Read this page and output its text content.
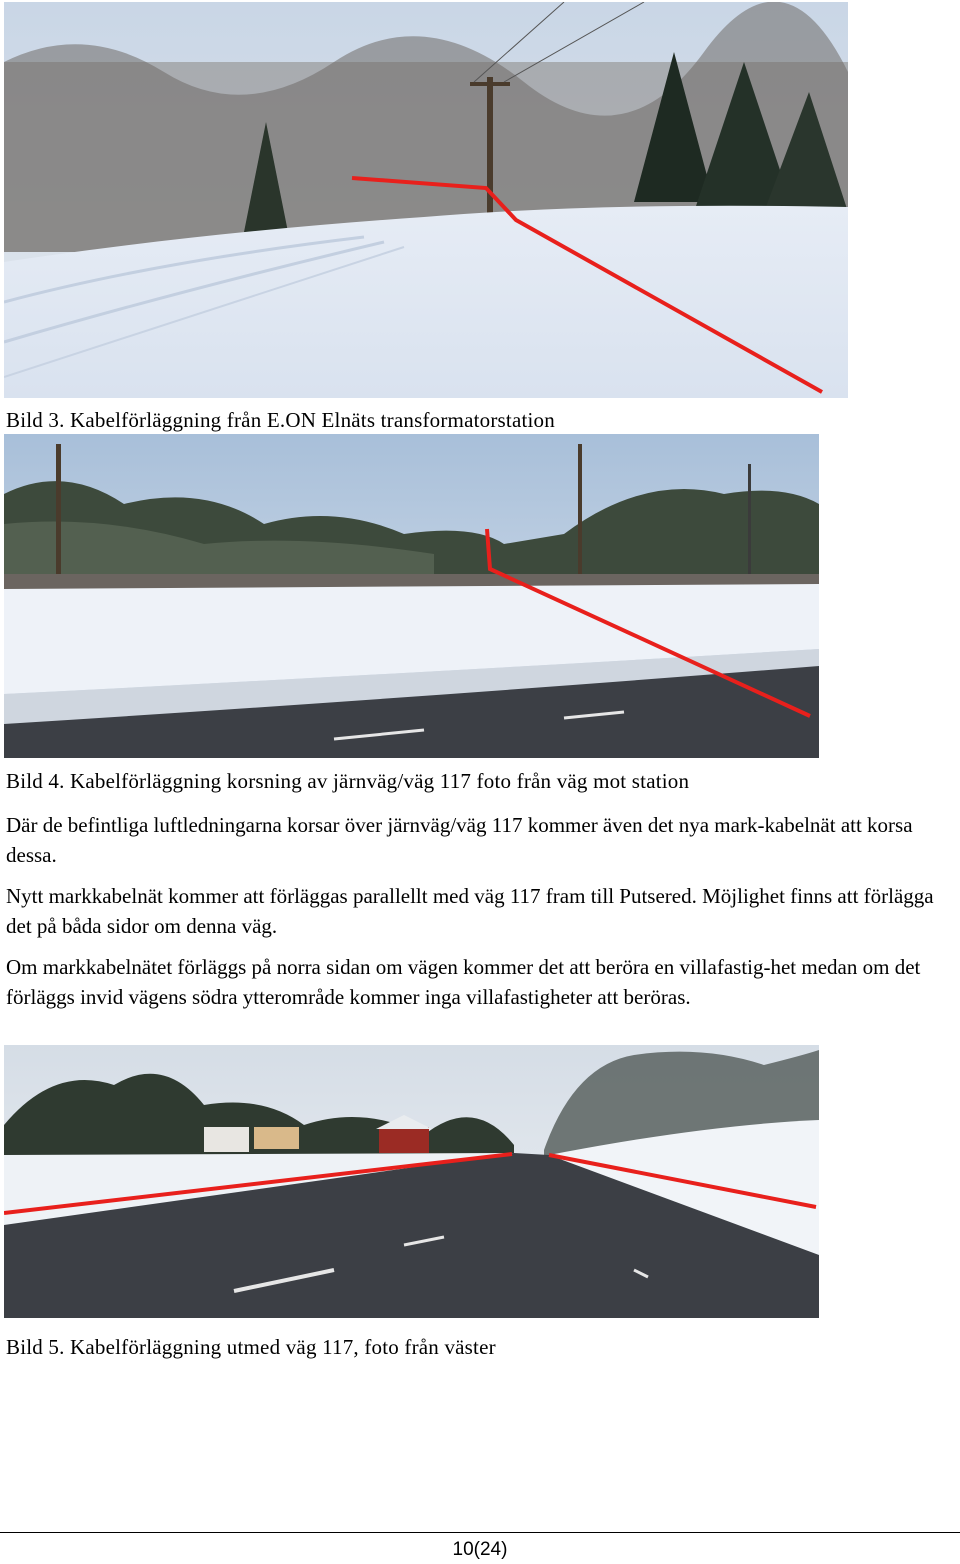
Bild 3. Kabelförläggning från E.ON Elnäts transformatorstation
Bild 4. Kabelförläggning korsning av järnväg/väg 117 foto från väg mot station

Där de befintliga luftledningarna korsar över järnväg/väg 117 kommer även det nya mark-kabelnät att korsa dessa.

Nytt markkabelnät kommer att förläggas parallellt med väg 117 fram till Putsered. Möjlighet finns att förlägga det på båda sidor om denna väg.

Om markkabelnätet förläggs på norra sidan om vägen kommer det att beröra en villafastig-het medan om det förläggs invid vägens södra ytterområde kommer inga villafastigheter att beröras.

Bild 5. Kabelförläggning utmed väg 117, foto från väster
10(24)
